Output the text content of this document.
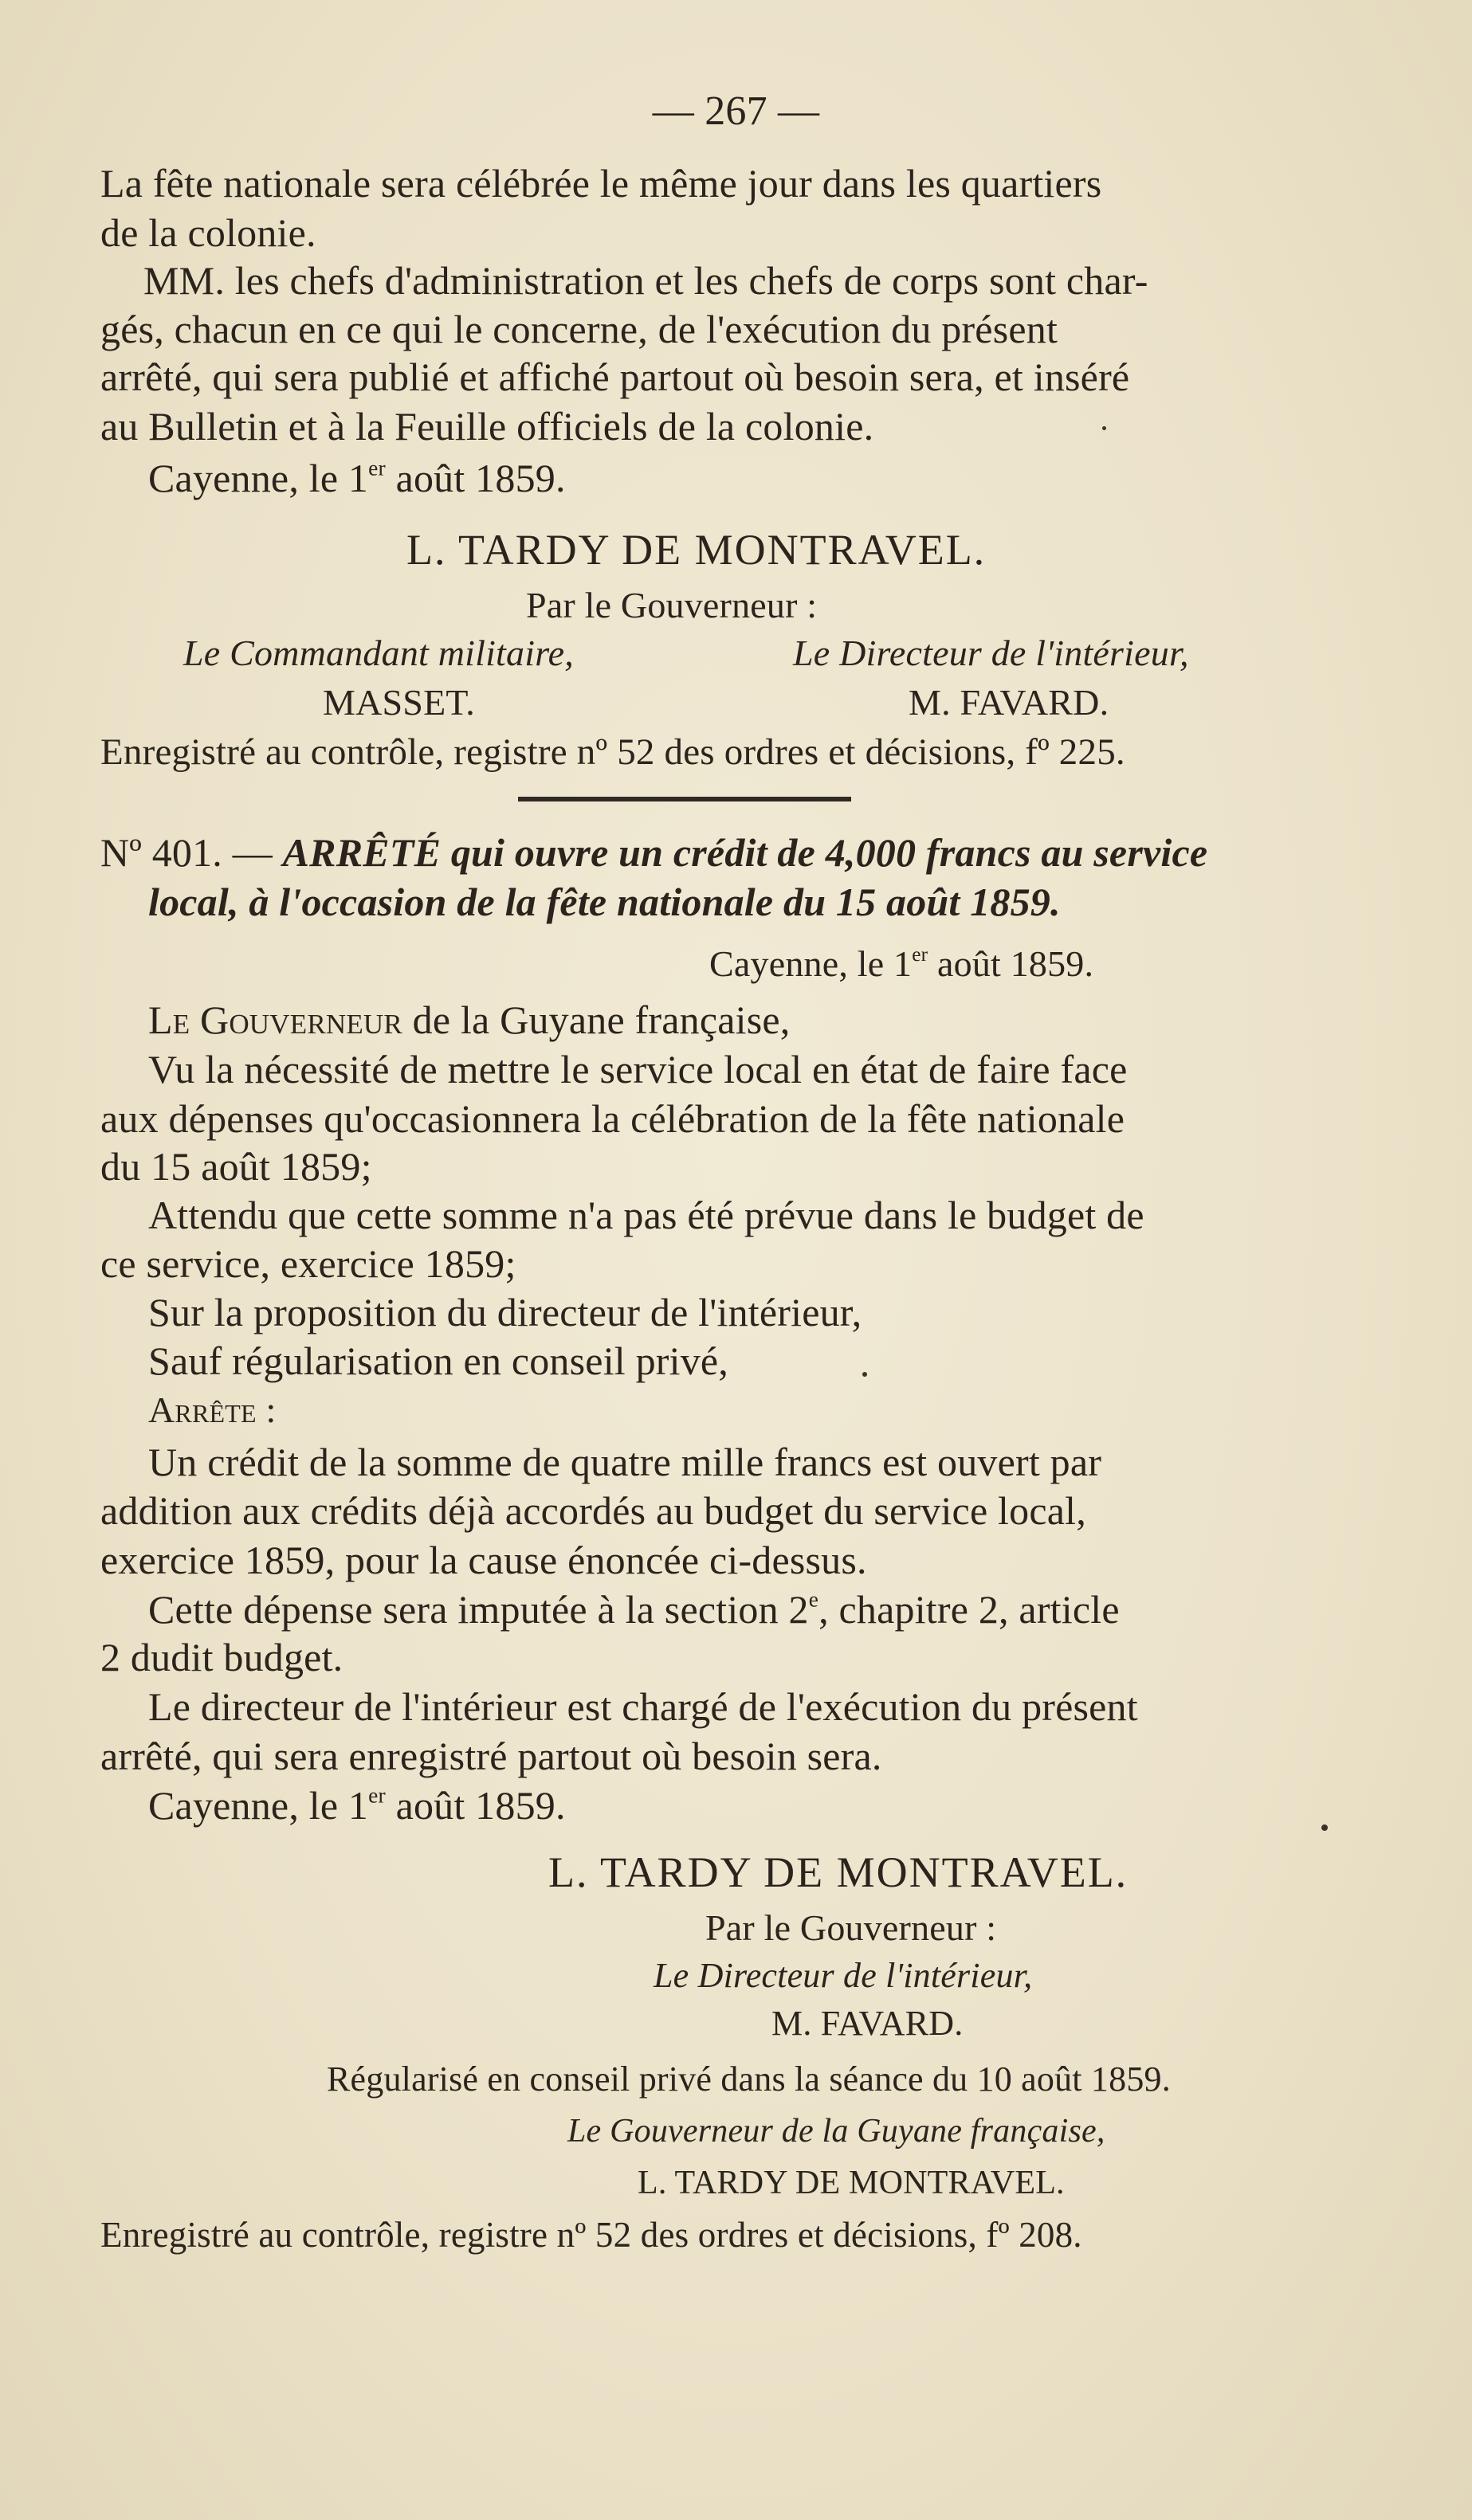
— 267 —
La fête nationale sera célébrée le même jour dans les quartiers
de la colonie.
MM. les chefs d'administration et les chefs de corps sont char-
gés, chacun en ce qui le concerne, de l'exécution du présent
arrêté, qui sera publié et affiché partout où besoin sera, et inséré
au Bulletin et à la Feuille officiels de la colonie.
Cayenne, le 1er août 1859.
L. TARDY DE MONTRAVEL.
Par le Gouverneur :
Le Commandant militaire,	Le Directeur de l'intérieur,
MASSET.	M. FAVARD.
Enregistré au contrôle, registre nº 52 des ordres et décisions, fº 225.
Nº 401. — ARRÊTÉ qui ouvre un crédit de 4,000 francs au service
local, à l'occasion de la fête nationale du 15 août 1859.
Cayenne, le 1er août 1859.
Le Gouverneur de la Guyane française,
Vu la nécessité de mettre le service local en état de faire face
aux dépenses qu'occasionnera la célébration de la fête nationale
du 15 août 1859;
Attendu que cette somme n'a pas été prévue dans le budget de
ce service, exercice 1859;
Sur la proposition du directeur de l'intérieur,
Sauf régularisation en conseil privé,
Arrête :
Un crédit de la somme de quatre mille francs est ouvert par
addition aux crédits déjà accordés au budget du service local,
exercice 1859, pour la cause énoncée ci-dessus.
Cette dépense sera imputée à la section 2e, chapitre 2, article
2 dudit budget.
Le directeur de l'intérieur est chargé de l'exécution du présent
arrêté, qui sera enregistré partout où besoin sera.
Cayenne, le 1er août 1859.
L. TARDY DE MONTRAVEL.
Par le Gouverneur :
Le Directeur de l'intérieur,
M. FAVARD.
Régularisé en conseil privé dans la séance du 10 août 1859.
Le Gouverneur de la Guyane française,
L. TARDY DE MONTRAVEL.
Enregistré au contrôle, registre nº 52 des ordres et décisions, fº 208.
